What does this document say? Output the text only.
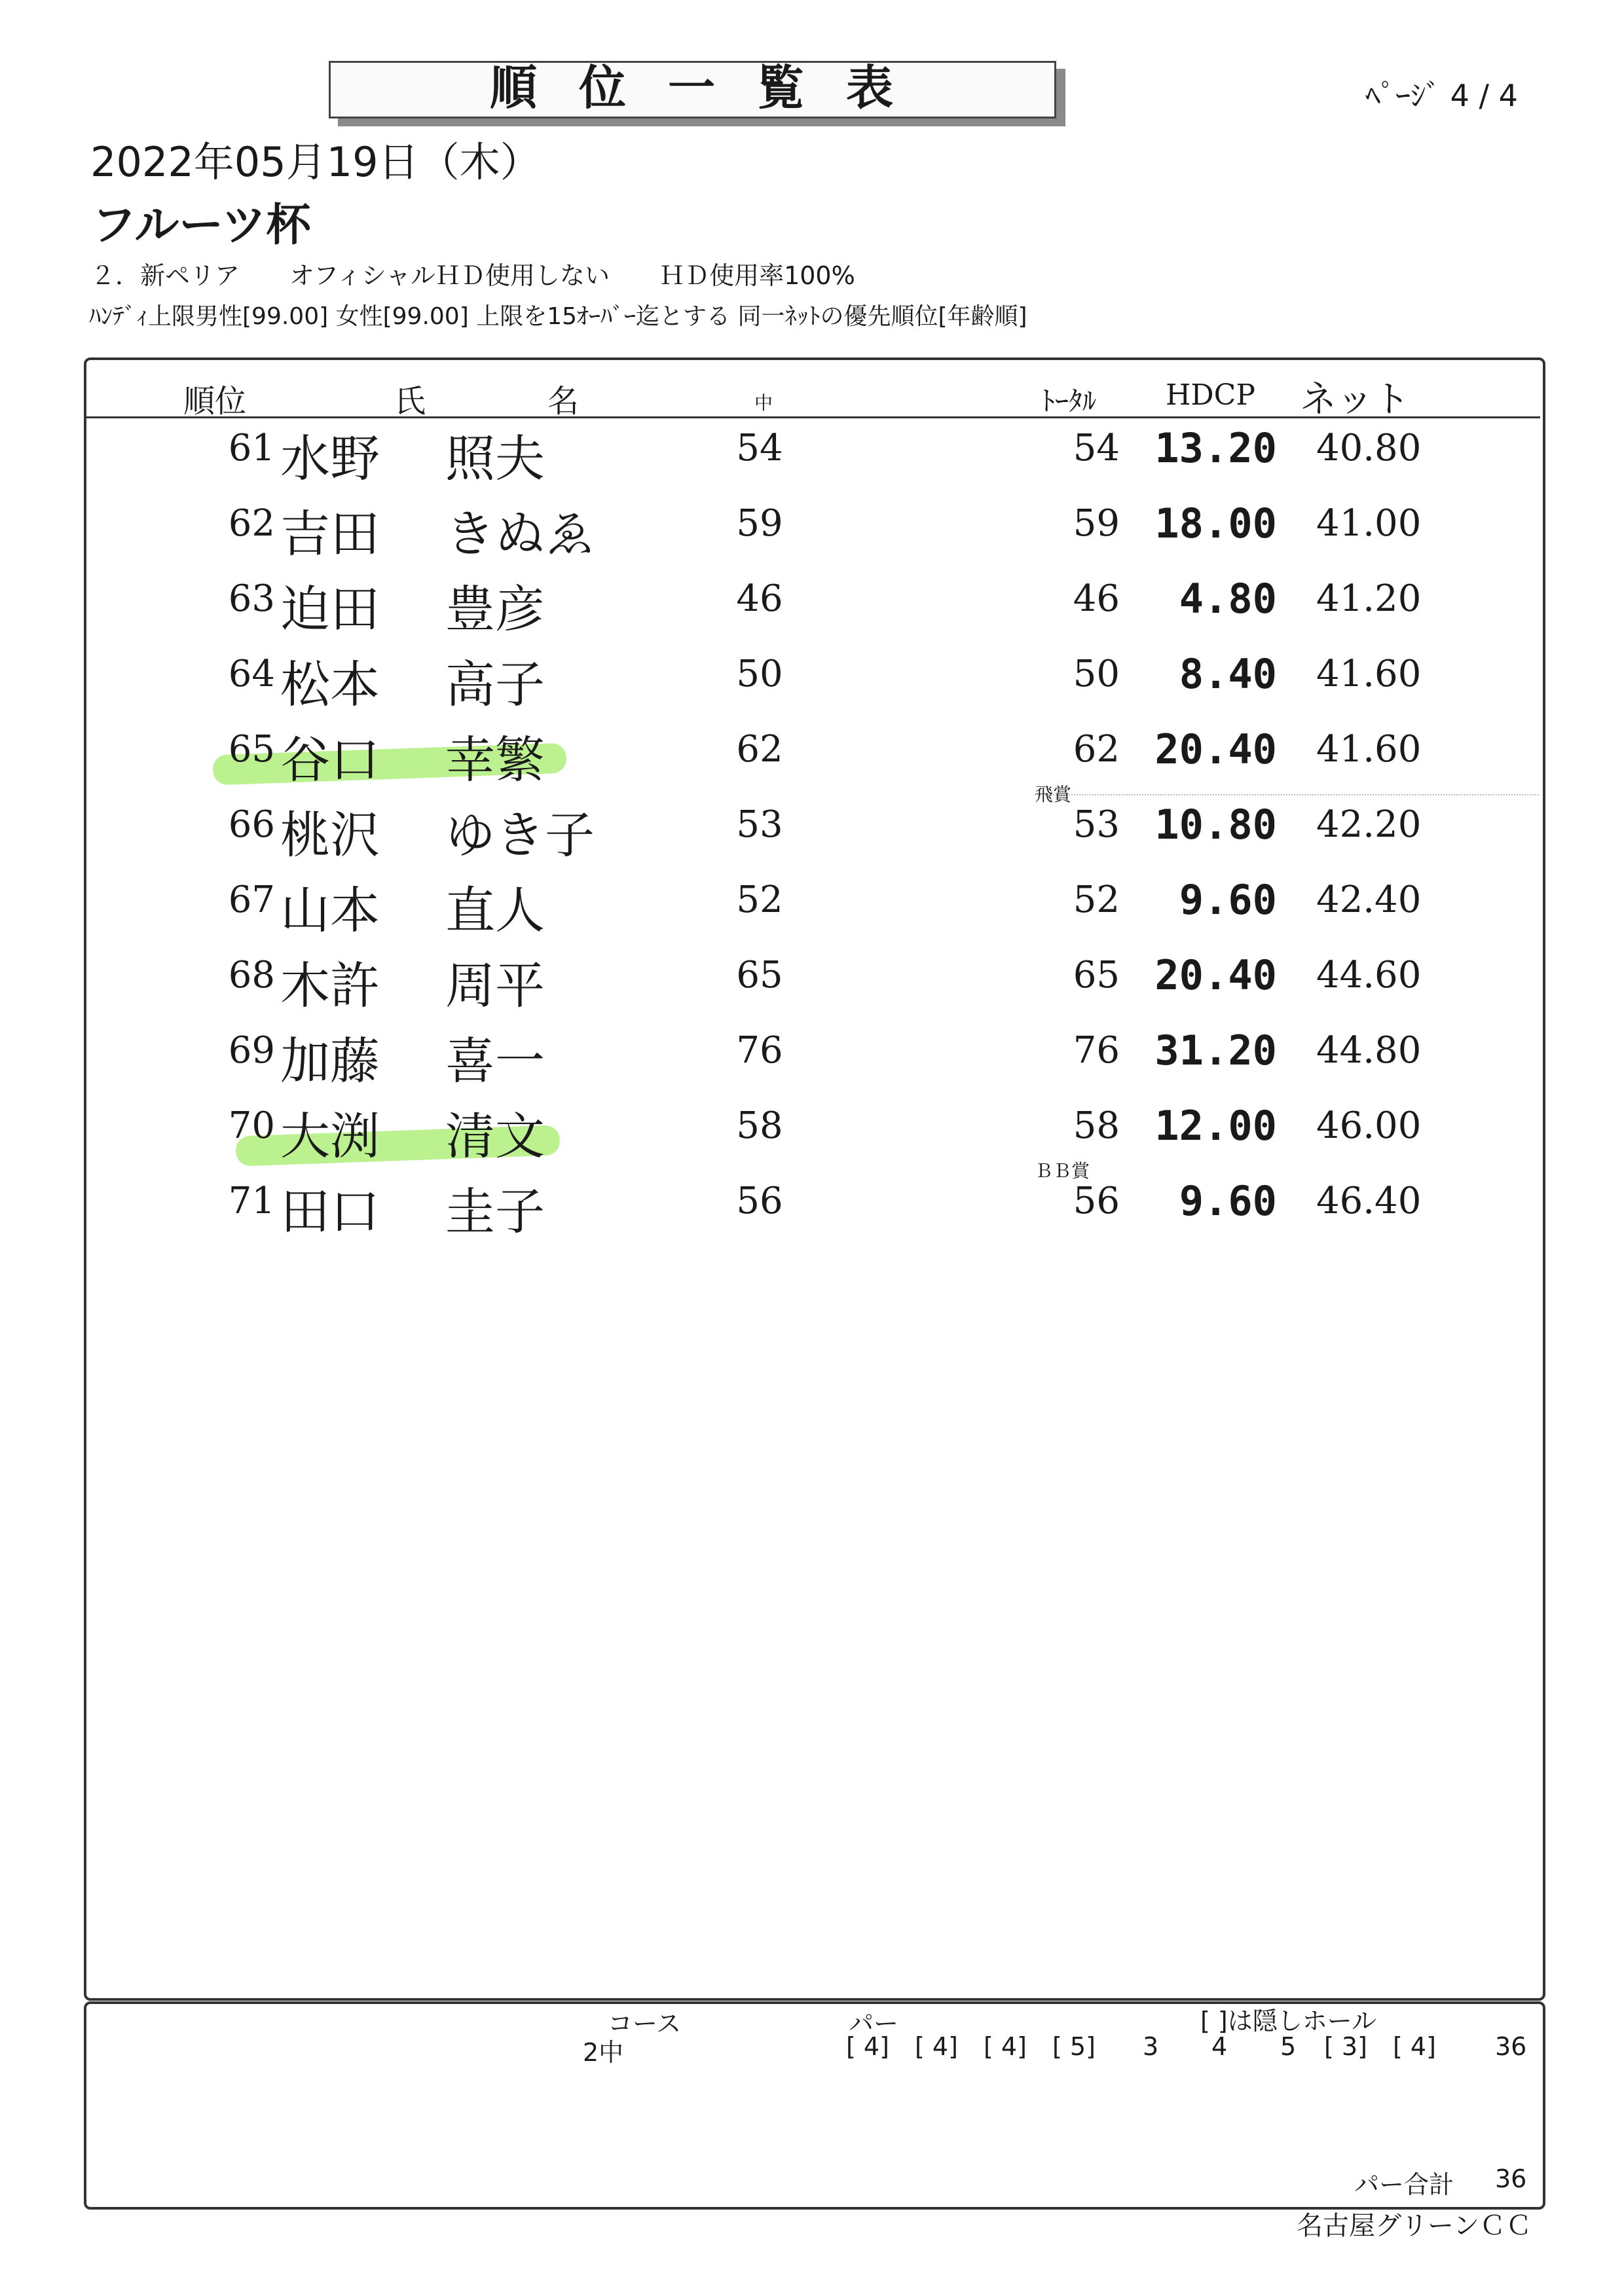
順位一覧表	ﾍﾟｰｼﾞ 4 / 4
2022年05月19日（木）
フルーツ杯
２．新ペリア　　オフィシャルＨＤ使用しない　　ＨＤ使用率100%
ﾊﾝﾃﾞｨ上限男性[99.00] 女性[99.00] 上限を15ｵｰﾊﾞｰ迄とする 同一ﾈｯﾄの優先順位[年齢順]
順位	氏	名	中	ﾄｰﾀﾙ HDCP ネット
61 水野 照夫	54	54 13.20 40.80
62 吉田 きぬゑ	59	59 18.00 41.00
63 迫田 豊彦	46	46	4.80 41.20
64 松本 高子	50	50	8.40 41.60
65 谷口 幸繁	62	62 20.40 41.60
飛賞
66 桃沢 ゆき子	53	53 10.80 42.20
67 山本 直人	52	52	9.60 42.40
68 木許 周平	65	65 20.40 44.60
69 加藤 喜一	76	76 31.20 44.80
70 大渕 清文	58	58 12.00 46.00
ＢＢ賞
71 田口 圭子	56	56	9.60 46.40
コース
2中
パー	[ ]は隠しホール
[ 4] [ 4] [ 4] [ 5] 3 4 5 [ 3] [ 4] 36
パー合計 36
名古屋グリーンＣＣ
